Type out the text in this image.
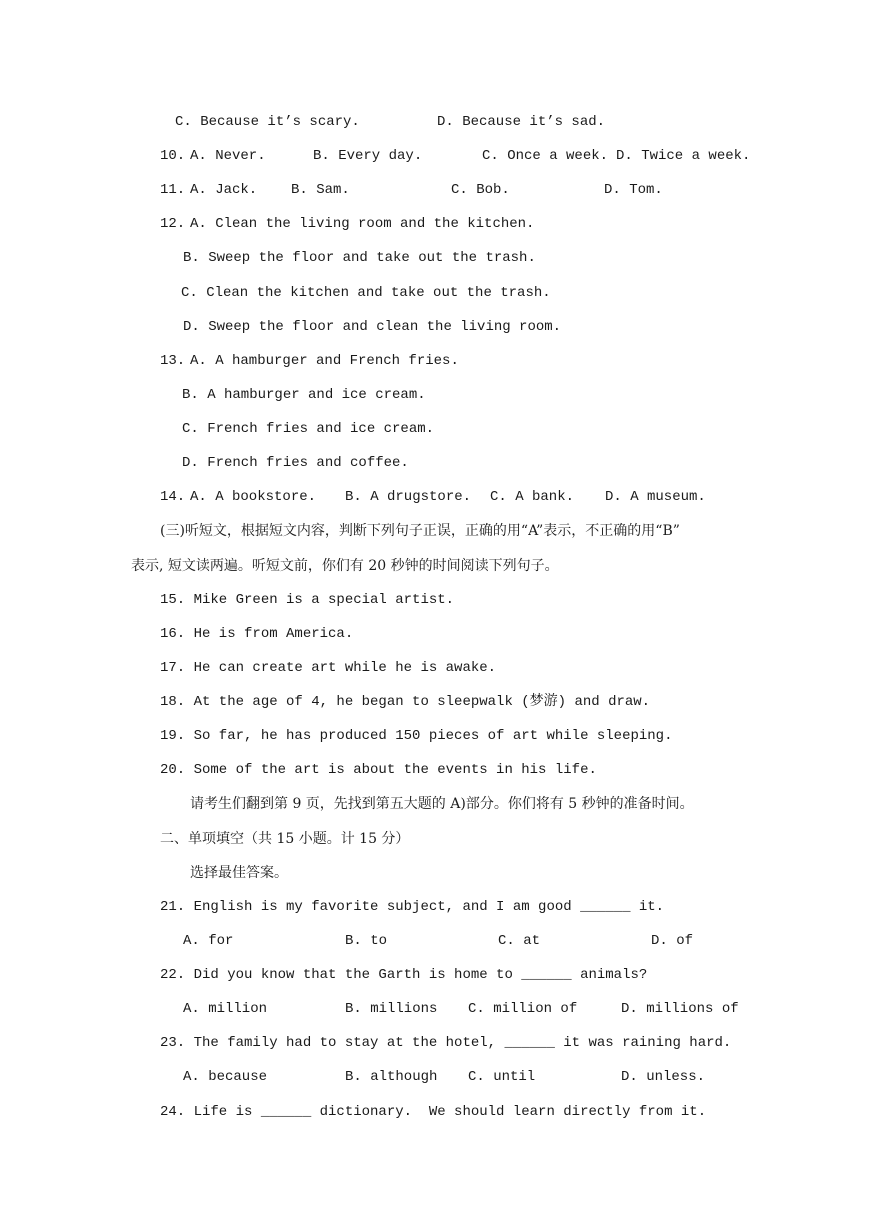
C. Because it’s scary.	D. Because it’s sad.
10. A. Never.	B. Every day.	C. Once a week. D. Twice a week.
11. A. Jack. B. Sam.	C. Bob.	D. Tom.
12. A. Clean the living room and the kitchen.
B. Sweep the floor and take out the trash.
C. Clean the kitchen and take out the trash.
D. Sweep the floor and clean the living room.
13. A. A hamburger and French fries.
B. A hamburger and ice cream.
C. French fries and ice cream.
D. French fries and coffee.
14. A. A bookstore. B. A drugstore. C. A bank. D. A museum.
(三)听短文，根据短文内容，判断下列句子正误，正确的用“A”表示，不正确的用“B”
表示, 短文读两遍。听短文前，你们有 20 秒钟的时间阅读下列句子。
15. Mike Green is a special artist.
16. He is from America.
17. He can create art while he is awake.
18. At the age of 4, he began to sleepwalk (梦游) and draw.
19. So far, he has produced 150 pieces of art while sleeping.
20. Some of the art is about the events in his life.
请考生们翻到第 9 页，先找到第五大题的 A)部分。你们将有 5 秒钟的准备时间。
二、单项填空（共 15 小题。计 15 分）
选择最佳答案。
21. English is my favorite subject, and I am good ______ it.
A. for	B. to	C. at	D. of
22. Did you know that the Garth is home to ______ animals?
A. million	B. millions C. million of	D. millions of
23. The family had to stay at the hotel, ______ it was raining hard.
A. because	B. although C. until	D. unless.
24. Life is ______ dictionary.  We should learn directly from it.
